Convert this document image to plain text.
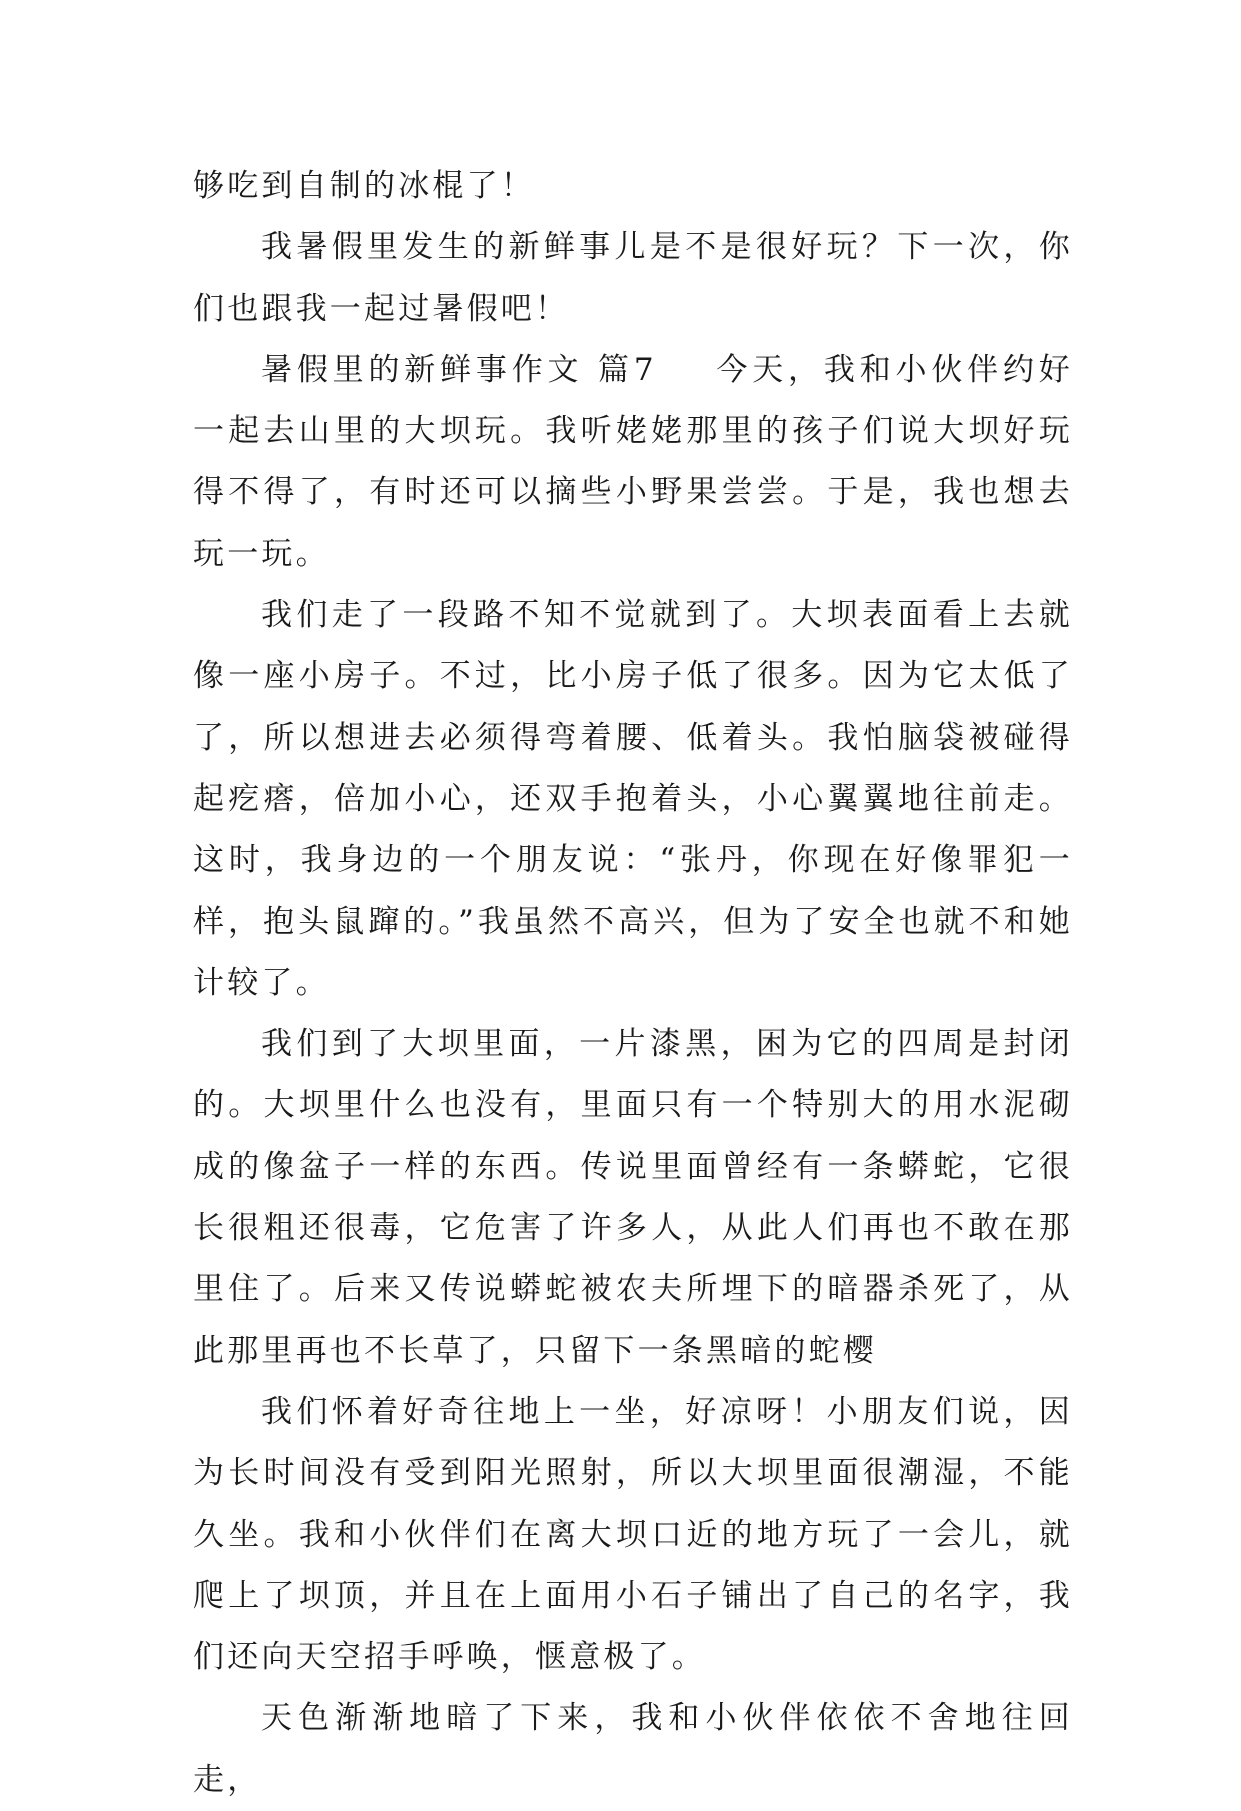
够吃到自制的冰棍了！

我暑假里发生的新鲜事儿是不是很好玩？下一次，你们也跟我一起过暑假吧！

暑假里的新鲜事作文 篇7 今天，我和小伙伴约好一起去山里的大坝玩。我听姥姥那里的孩子们说大坝好玩得不得了，有时还可以摘些小野果尝尝。于是，我也想去玩一玩。

我们走了一段路不知不觉就到了。大坝表面看上去就像一座小房子。不过，比小房子低了很多。因为它太低了了，所以想进去必须得弯着腰、低着头。我怕脑袋被碰得起疙瘩，倍加小心，还双手抱着头，小心翼翼地往前走。这时，我身边的一个朋友说：“张丹，你现在好像罪犯一样，抱头鼠蹿的。”我虽然不高兴，但为了安全也就不和她计较了。

我们到了大坝里面，一片漆黑，困为它的四周是封闭的。大坝里什么也没有，里面只有一个特别大的用水泥砌成的像盆子一样的东西。传说里面曾经有一条蟒蛇，它很长很粗还很毒，它危害了许多人，从此人们再也不敢在那里住了。后来又传说蟒蛇被农夫所埋下的暗器杀死了，从此那里再也不长草了，只留下一条黑暗的蛇樱

我们怀着好奇往地上一坐，好凉呀！小朋友们说，因为长时间没有受到阳光照射，所以大坝里面很潮湿，不能久坐。我和小伙伴们在离大坝口近的地方玩了一会儿，就爬上了坝顶，并且在上面用小石子铺出了自己的名字，我们还向天空招手呼唤，惬意极了。

天色渐渐地暗了下来，我和小伙伴依依不舍地往回走，
